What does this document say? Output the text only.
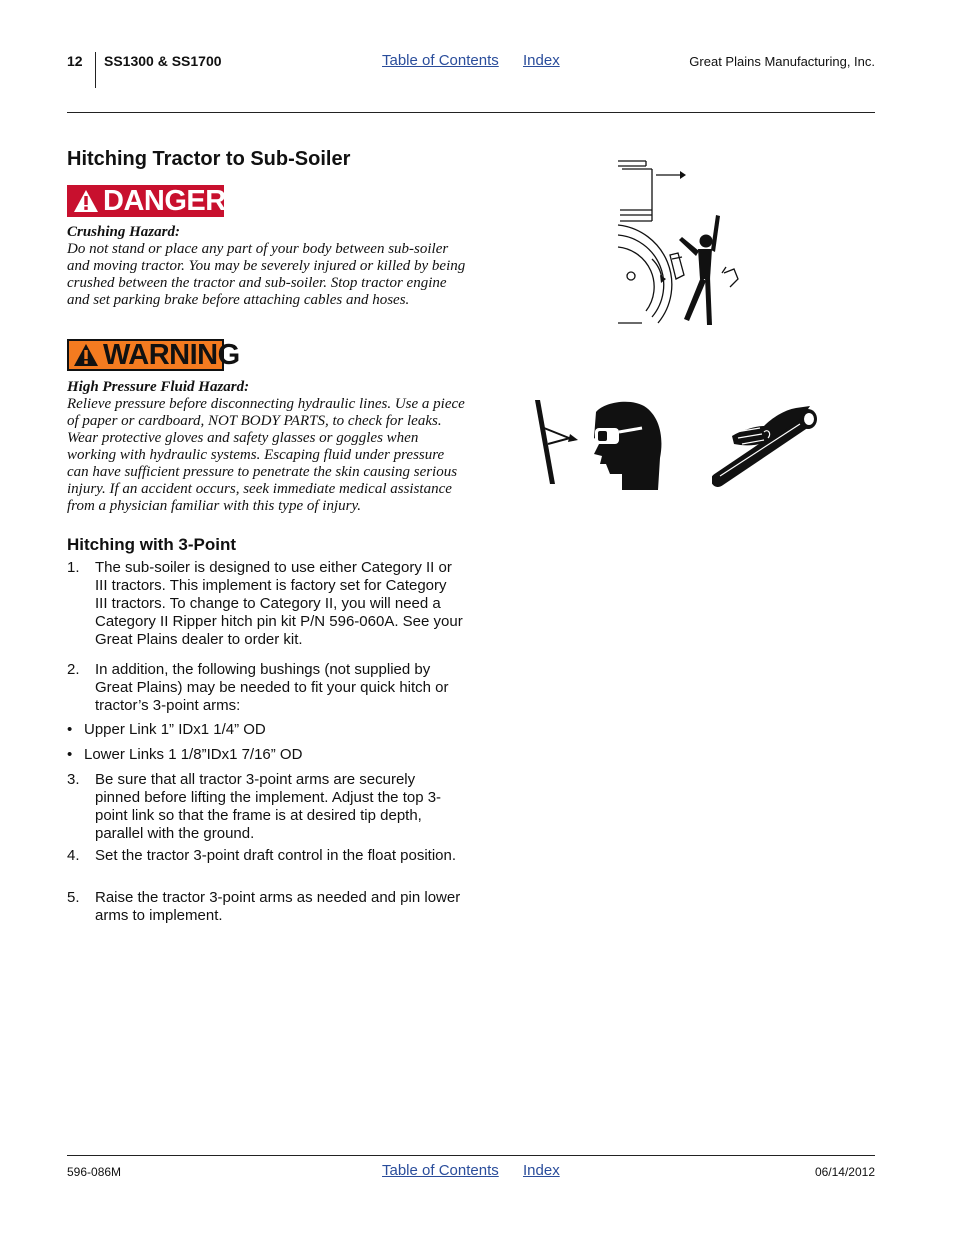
12 SS1300 & SS1700	Table of Contents Index	Great Plains Manufacturing, Inc.
Hitching Tractor to Sub-Soiler
DANGER
Crushing Hazard:
Do not stand or place any part of your body between sub-soiler and moving tractor. You may be severely injured or killed by being crushed between the tractor and sub-soiler. Stop tractor engine and set parking brake before attaching cables and hoses.
WARNING
High Pressure Fluid Hazard:
Relieve pressure before disconnecting hydraulic lines. Use a piece of paper or cardboard, NOT BODY PARTS, to check for leaks. Wear protective gloves and safety glasses or goggles when working with hydraulic systems. Escaping fluid under pressure can have sufficient pressure to penetrate the skin causing serious injury. If an accident occurs, seek immediate medical assistance from a physician familiar with this type of injury.
Hitching with 3-Point
1. The sub-soiler is designed to use either Category II or III tractors. This implement is factory set for Category III tractors. To change to Category II, you will need a Category II Ripper hitch pin kit P/N 596-060A. See your Great Plains dealer to order kit.
2. In addition, the following bushings (not supplied by Great Plains) may be needed to fit your quick hitch or tractor’s 3-point arms:
• Upper Link 1” IDx1 1/4” OD
• Lower Links 1 1/8”IDx1 7/16” OD
3. Be sure that all tractor 3-point arms are securely pinned before lifting the implement. Adjust the top 3-point link so that the frame is at desired tip depth, parallel with the ground.
4. Set the tractor 3-point draft control in the float position.
5. Raise the tractor 3-point arms as needed and pin lower arms to implement.
596-086M	Table of Contents Index	06/14/2012
